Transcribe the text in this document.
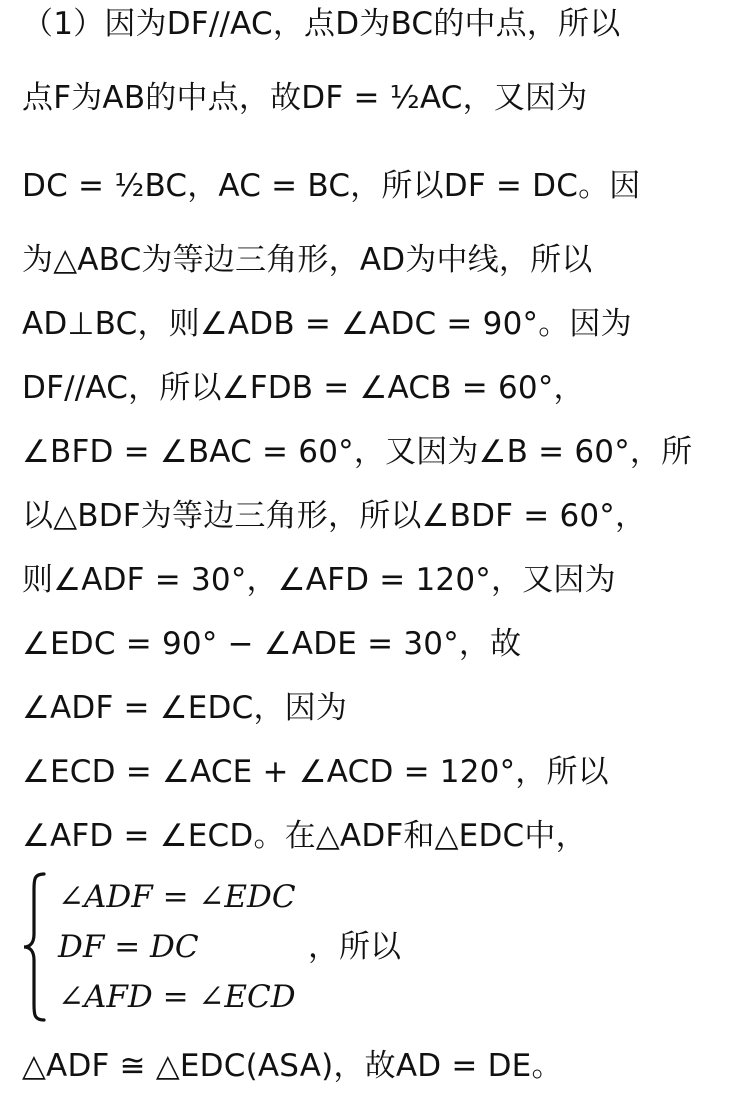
（1）因为DF//AC，点D为BC的中点，所以
点F为AB的中点，故DF = ½AC，又因为
DC = ½BC，AC = BC，所以DF = DC。因
为△ABC为等边三角形，AD为中线，所以
AD⊥BC，则∠ADB = ∠ADC = 90°。因为
DF//AC，所以∠FDB = ∠ACB = 60°，
∠BFD = ∠BAC = 60°，又因为∠B = 60°，所
以△BDF为等边三角形，所以∠BDF = 60°，
则∠ADF = 30°，∠AFD = 120°，又因为
∠EDC = 90° − ∠ADE = 30°，故
∠ADF = ∠EDC，因为
∠ECD = ∠ACE + ∠ACD = 120°，所以
∠AFD = ∠ECD。在△ADF和△EDC中，
∠ADF = ∠EDC
DF = DC
∠AFD = ∠ECD
，所以
△ADF ≅ △EDC(ASA)，故AD = DE。
